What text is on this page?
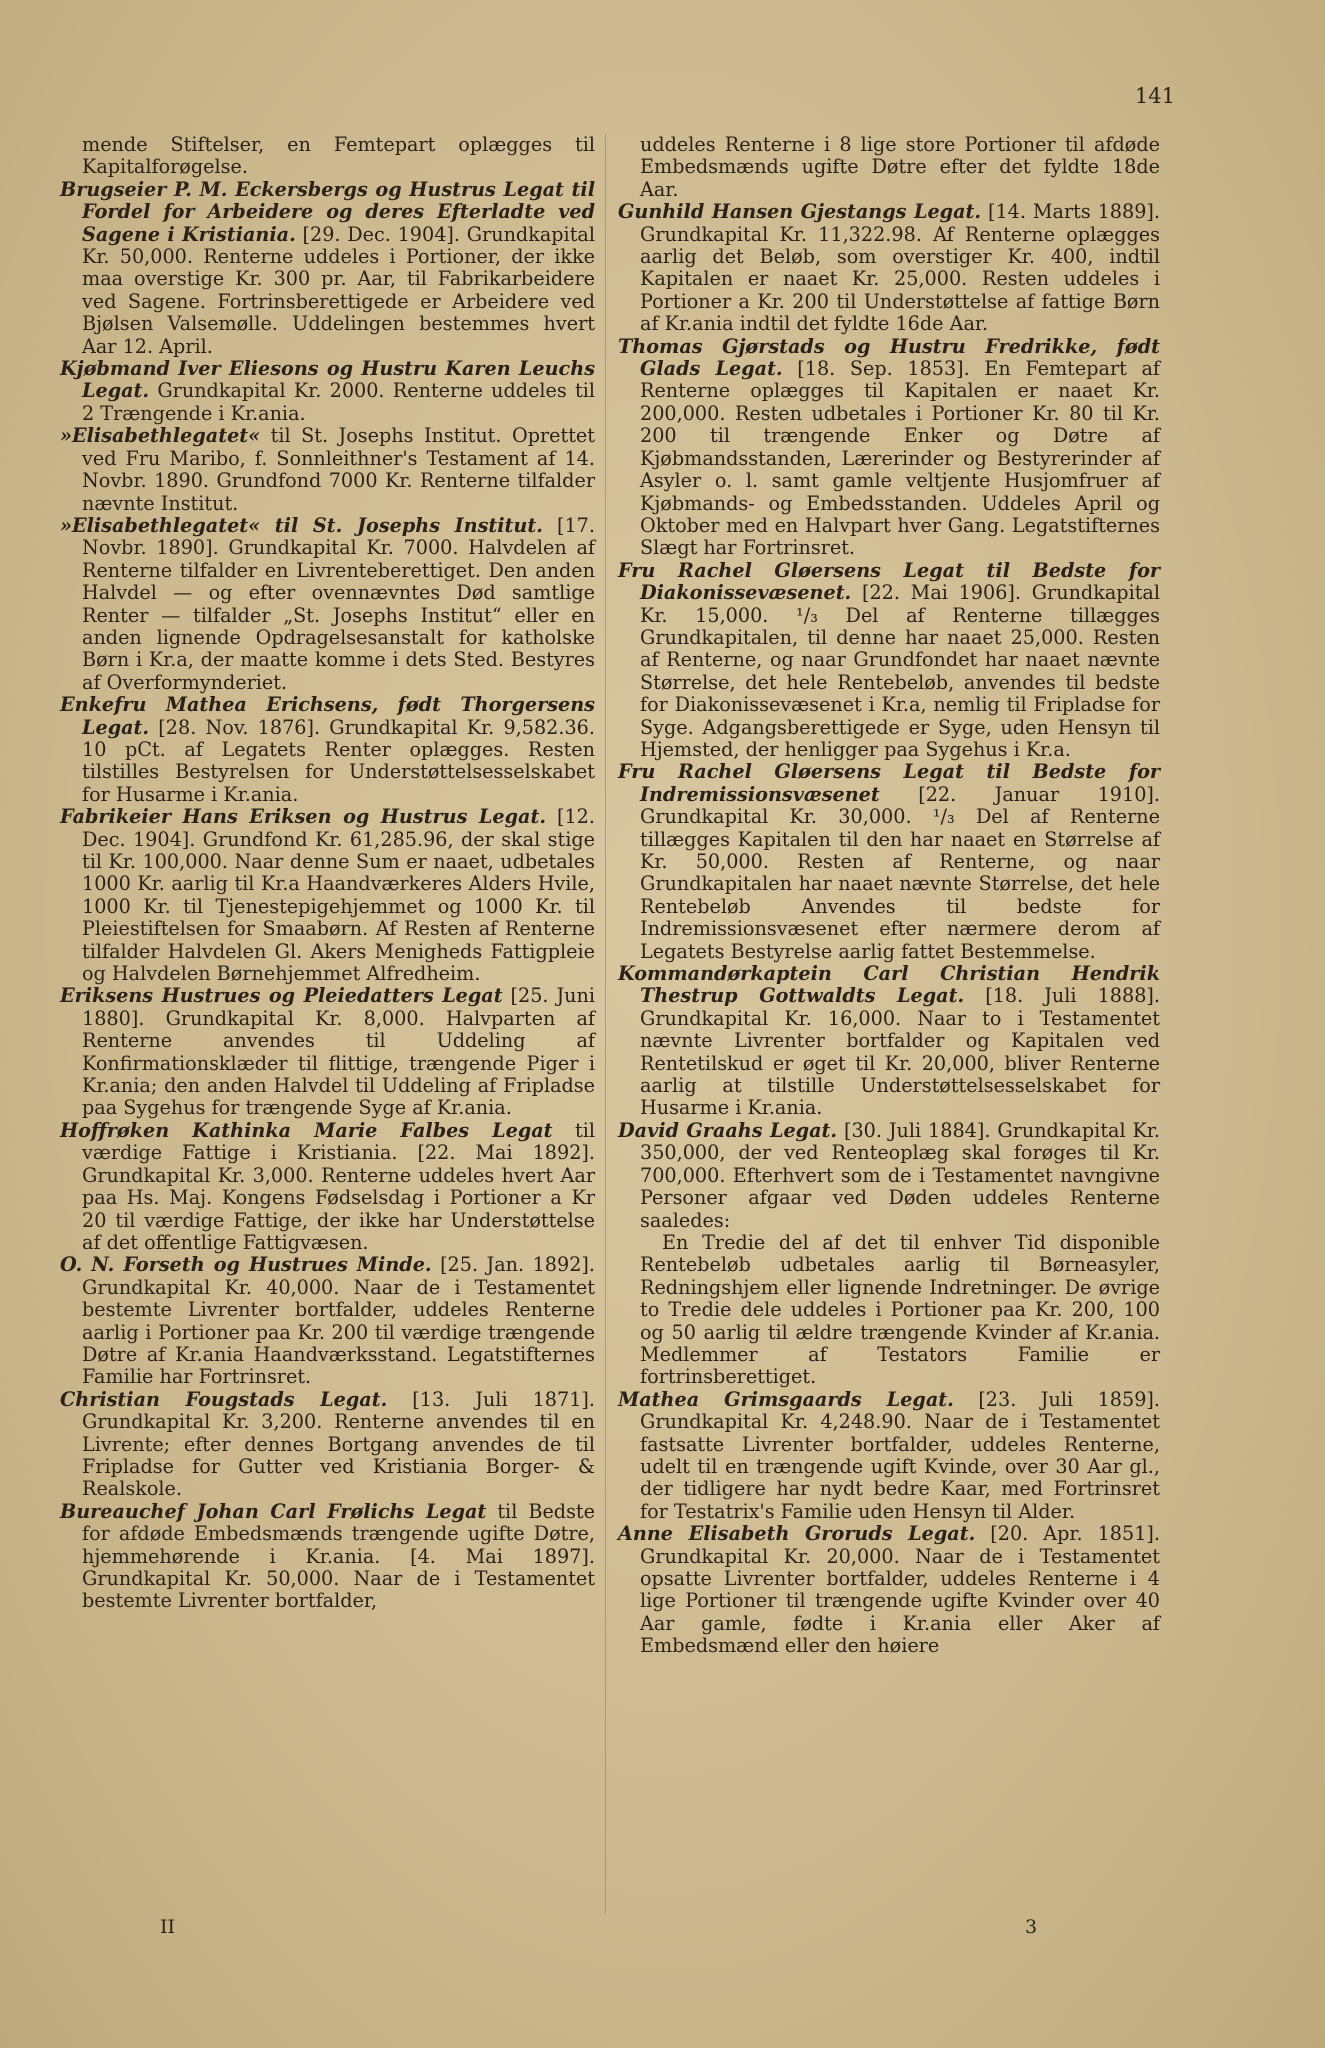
141

mende Stiftelser, en Femtepart oplægges til Kapitalforøgelse.

Brugseier P. M. Eckersbergs og Hustrus Legat til Fordel for Arbeidere og deres Efterladte ved Sagene i Kristiania. [29. Dec. 1904]. Grundkapital Kr. 50,000. Renterne uddeles i Portioner, der ikke maa overstige Kr. 300 pr. Aar, til Fabrikarbeidere ved Sagene. Fortrinsberettigede er Arbeidere ved Bjølsen Valsemølle. Uddelingen bestemmes hvert Aar 12. April.

Kjøbmand Iver Eliesons og Hustru Karen Leuchs Legat. Grundkapital Kr. 2000. Renterne uddeles til 2 Trængende i Kr.ania.

»Elisabethlegatet« til St. Josephs Institut. Oprettet ved Fru Maribo, f. Sonnleithner's Testament af 14. Novbr. 1890. Grundfond 7000 Kr. Renterne tilfalder nævnte Institut.

»Elisabethlegatet« til St. Josephs Institut. [17. Novbr. 1890]. Grundkapital Kr. 7000. Halvdelen af Renterne tilfalder en Livrenteberettiget. Den anden Halvdel — og efter ovennævntes Død samtlige Renter — tilfalder „St. Josephs Institut“ eller en anden lignende Opdragelsesanstalt for katholske Børn i Kr.a, der maatte komme i dets Sted. Bestyres af Overformynderiet.

Enkefru Mathea Erichsens, født Thorgersens Legat. [28. Nov. 1876]. Grundkapital Kr. 9,582.36. 10 pCt. af Legatets Renter oplægges. Resten tilstilles Bestyrelsen for Understøttelsesselskabet for Husarme i Kr.ania.

Fabrikeier Hans Eriksen og Hustrus Legat. [12. Dec. 1904]. Grundfond Kr. 61,285.96, der skal stige til Kr. 100,000. Naar denne Sum er naaet, udbetales 1000 Kr. aarlig til Kr.a Haandværkeres Alders Hvile, 1000 Kr. til Tjenestepigehjemmet og 1000 Kr. til Pleiestiftelsen for Smaabørn. Af Resten af Renterne tilfalder Halvdelen Gl. Akers Menigheds Fattigpleie og Halvdelen Børnehjemmet Alfredheim.

Eriksens Hustrues og Pleiedatters Legat [25. Juni 1880]. Grundkapital Kr. 8,000. Halvparten af Renterne anvendes til Uddeling af Konfirmationsklæder til flittige, trængende Piger i Kr.ania; den anden Halvdel til Uddeling af Fripladse paa Sygehus for trængende Syge af Kr.ania.

Hoffrøken Kathinka Marie Falbes Legat til værdige Fattige i Kristiania. [22. Mai 1892]. Grundkapital Kr. 3,000. Renterne uddeles hvert Aar paa Hs. Maj. Kongens Fødselsdag i Portioner a Kr 20 til værdige Fattige, der ikke har Understøttelse af det offentlige Fattigvæsen.

O. N. Forseth og Hustrues Minde. [25. Jan. 1892]. Grundkapital Kr. 40,000. Naar de i Testamentet bestemte Livrenter bortfalder, uddeles Renterne aarlig i Portioner paa Kr. 200 til værdige trængende Døtre af Kr.ania Haandværksstand. Legatstifternes Familie har Fortrinsret.

Christian Fougstads Legat. [13. Juli 1871]. Grundkapital Kr. 3,200. Renterne anvendes til en Livrente; efter dennes Bortgang anvendes de til Fripladse for Gutter ved Kristiania Borger- & Realskole.

Bureauchef Johan Carl Frølichs Legat til Bedste for afdøde Embedsmænds trængende ugifte Døtre, hjemmehørende i Kr.ania. [4. Mai 1897]. Grundkapital Kr. 50,000. Naar de i Testamentet bestemte Livrenter bortfalder,

uddeles Renterne i 8 lige store Portioner til afdøde Embedsmænds ugifte Døtre efter det fyldte 18de Aar.

Gunhild Hansen Gjestangs Legat. [14. Marts 1889]. Grundkapital Kr. 11,322.98. Af Renterne oplægges aarlig det Beløb, som overstiger Kr. 400, indtil Kapitalen er naaet Kr. 25,000. Resten uddeles i Portioner a Kr. 200 til Understøttelse af fattige Børn af Kr.ania indtil det fyldte 16de Aar.

Thomas Gjørstads og Hustru Fredrikke, født Glads Legat. [18. Sep. 1853]. En Femtepart af Renterne oplægges til Kapitalen er naaet Kr. 200,000. Resten udbetales i Portioner Kr. 80 til Kr. 200 til trængende Enker og Døtre af Kjøbmandsstanden, Lærerinder og Bestyrerinder af Asyler o. l. samt gamle veltjente Husjomfruer af Kjøbmands- og Embedsstanden. Uddeles April og Oktober med en Halvpart hver Gang. Legatstifternes Slægt har Fortrinsret.

Fru Rachel Gløersens Legat til Bedste for Diakonissevæsenet. [22. Mai 1906]. Grundkapital Kr. 15,000. ¹/₃ Del af Renterne tillægges Grundkapitalen, til denne har naaet 25,000. Resten af Renterne, og naar Grundfondet har naaet nævnte Størrelse, det hele Rentebeløb, anvendes til bedste for Diakonissevæsenet i Kr.a, nemlig til Fripladse for Syge. Adgangsberettigede er Syge, uden Hensyn til Hjemsted, der henligger paa Sygehus i Kr.a.

Fru Rachel Gløersens Legat til Bedste for Indremissionsvæsenet [22. Januar 1910]. Grundkapital Kr. 30,000. ¹/₃ Del af Renterne tillægges Kapitalen til den har naaet en Størrelse af Kr. 50,000. Resten af Renterne, og naar Grundkapitalen har naaet nævnte Størrelse, det hele Rentebeløb Anvendes til bedste for Indremissionsvæsenet efter nærmere derom af Legatets Bestyrelse aarlig fattet Bestemmelse.

Kommandørkaptein Carl Christian Hendrik Thestrup Gottwaldts Legat. [18. Juli 1888]. Grundkapital Kr. 16,000. Naar to i Testamentet nævnte Livrenter bortfalder og Kapitalen ved Rentetilskud er øget til Kr. 20,000, bliver Renterne aarlig at tilstille Understøttelsesselskabet for Husarme i Kr.ania.

David Graahs Legat. [30. Juli 1884]. Grundkapital Kr. 350,000, der ved Renteoplæg skal forøges til Kr. 700,000. Efterhvert som de i Testamentet navngivne Personer afgaar ved Døden uddeles Renterne saaledes:

En Tredie del af det til enhver Tid disponible Rentebeløb udbetales aarlig til Børneasyler, Redningshjem eller lignende Indretninger. De øvrige to Tredie dele uddeles i Portioner paa Kr. 200, 100 og 50 aarlig til ældre trængende Kvinder af Kr.ania. Medlemmer af Testators Familie er fortrinsberettiget.

Mathea Grimsgaards Legat. [23. Juli 1859]. Grundkapital Kr. 4,248.90. Naar de i Testamentet fastsatte Livrenter bortfalder, uddeles Renterne, udelt til en trængende ugift Kvinde, over 30 Aar gl., der tidligere har nydt bedre Kaar, med Fortrinsret for Testatrix's Familie uden Hensyn til Alder.

Anne Elisabeth Groruds Legat. [20. Apr. 1851]. Grundkapital Kr. 20,000. Naar de i Testamentet opsatte Livrenter bortfalder, uddeles Renterne i 4 lige Portioner til trængende ugifte Kvinder over 40 Aar gamle, fødte i Kr.ania eller Aker af Embedsmænd eller den høiere

II	3
